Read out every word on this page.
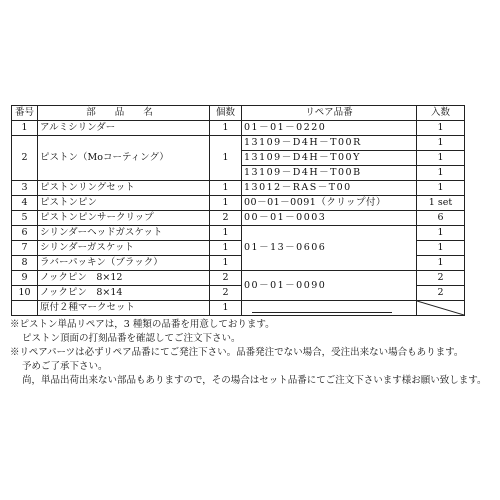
番号	部 品 名	個数	リペア品番	入数
1	アルミシリンダー	1	01－01－0220	1
2	ピストン（Moコーティング）	1	13109－D4H－T00R	1
			13109－D4H－T00Y	1
			13109－D4H－T00B	1
3	ピストンリングセット	1	13012－RAS－T00	1
4	ピストンピン	1	00－01－0091（クリップ付）	1 set
5	ピストンピンサークリップ	2	00－01－0003	6
6	シリンダーヘッドガスケット	1	01－13－0606	1
7	シリンダーガスケット	1		1
8	ラバーパッキン（ブラック）	1		1
9	ノックピン　8×12	2	00－01－0090	2
10	ノックピン　8×14	2		2
	原付２種マークセット	1	

※ピストン単品リペアは，3 種類の品番を用意しております。

ピストン頂面の打刻品番を確認してご注文下さい。

※リペアパーツは必ずリペア品番にてご発注下さい。品番発注でない場合，受注出来ない場合もあります。

予めご了承下さい。

尚，単品出荷出来ない部品もありますので，その場合はセット品番にてご注文下さいます様お願い致します。
